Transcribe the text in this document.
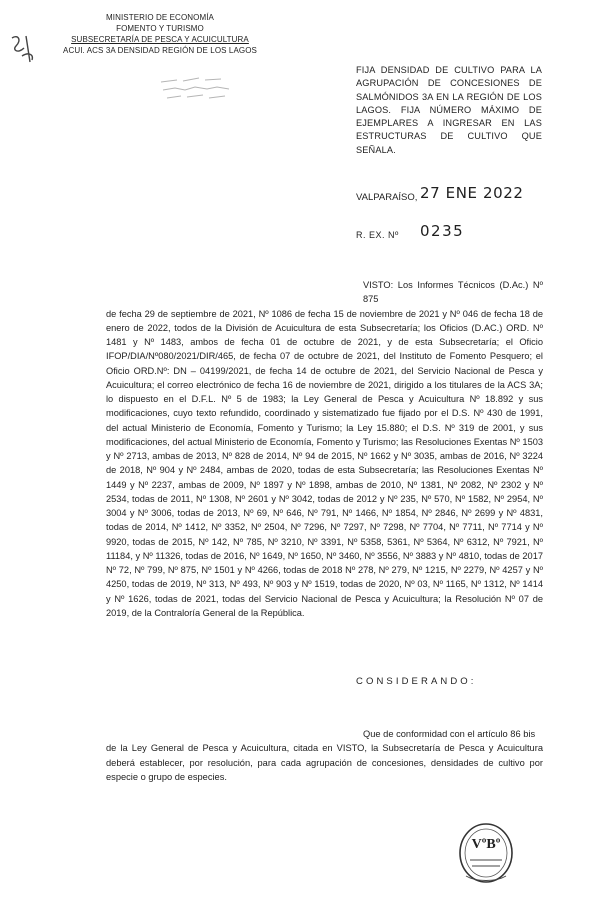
MINISTERIO DE ECONOMÍA
FOMENTO Y TURISMO
SUBSECRETARÍA DE PESCA Y ACUICULTURA
ACUI. ACS 3A DENSIDAD REGIÓN DE LOS LAGOS
FIJA DENSIDAD DE CULTIVO PARA LA AGRUPACIÓN DE CONCESIONES DE SALMÓNIDOS 3A EN LA REGIÓN DE LOS LAGOS. FIJA NÚMERO MÁXIMO DE EJEMPLARES A INGRESAR EN LAS ESTRUCTURAS DE CULTIVO QUE SEÑALA.
VALPARAÍSO, 27 ENE 2022
R. EX. Nº 0235
VISTO: Los Informes Técnicos (D.Ac.) Nº 875
de fecha 29 de septiembre de 2021, Nº 1086 de fecha 15 de noviembre de 2021 y Nº 046 de fecha 18 de enero de 2022, todos de la División de Acuicultura de esta Subsecretaría; los Oficios (D.AC.) ORD. Nº 1481 y Nº 1483, ambos de fecha 01 de octubre de 2021, y de esta Subsecretaría; el Oficio IFOP/DIA/Nº080/2021/DIR/465, de fecha 07 de octubre de 2021, del Instituto de Fomento Pesquero; el Oficio ORD.Nº: DN – 04199/2021, de fecha 14 de octubre de 2021, del Servicio Nacional de Pesca y Acuicultura; el correo electrónico de fecha 16 de noviembre de 2021, dirigido a los titulares de la ACS 3A; lo dispuesto en el D.F.L. Nº 5 de 1983; la Ley General de Pesca y Acuicultura Nº 18.892 y sus modificaciones, cuyo texto refundido, coordinado y sistematizado fue fijado por el D.S. Nº 430 de 1991, del actual Ministerio de Economía, Fomento y Turismo; la Ley 15.880; el D.S. Nº 319 de 2001, y sus modificaciones, del actual Ministerio de Economía, Fomento y Turismo; las Resoluciones Exentas Nº 1503 y Nº 2713, ambas de 2013, Nº 828 de 2014, Nº 94 de 2015, Nº 1662 y Nº 3035, ambas de 2016, Nº 3224 de 2018, Nº 904 y Nº 2484, ambas de 2020, todas de esta Subsecretaría; las Resoluciones Exentas Nº 1449 y Nº 2237, ambas de 2009, Nº 1897 y Nº 1898, ambas de 2010, Nº 1381, Nº 2082, Nº 2302 y Nº 2534, todas de 2011, Nº 1308, Nº 2601 y Nº 3042, todas de 2012 y Nº 235, Nº 570, Nº 1582, Nº 2954, Nº 3004 y Nº 3006, todas de 2013, Nº 69, Nº 646, Nº 791, Nº 1466, Nº 1854, Nº 2846, Nº 2699 y Nº 4831, todas de 2014, Nº 1412, Nº 3352, Nº 2504, Nº 7296, Nº 7297, Nº 7298, Nº 7704, Nº 7711, Nº 7714 y Nº 9920, todas de 2015, Nº 142, Nº 785, Nº 3210, Nº 3391, Nº 5358, 5361, Nº 5364, Nº 6312, Nº 7921, Nº 11184, y Nº 11326, todas de 2016, Nº 1649, Nº 1650, Nº 3460, Nº 3556, Nº 3883 y Nº 4810, todas de 2017 Nº 72, Nº 799, Nº 875, Nº 1501 y Nº 4266, todas de 2018 Nº 278, Nº 279, Nº 1215, Nº 2279, Nº 4257 y Nº 4250, todas de 2019, Nº 313, Nº 493, Nº 903 y Nº 1519, todas de 2020, Nº 03, Nº 1165, Nº 1312, Nº 1414 y Nº 1626, todas de 2021, todas del Servicio Nacional de Pesca y Acuicultura; la Resolución Nº 07 de 2019, de la Contraloría General de la República.
CONSIDERANDO:
Que de conformidad con el artículo 86 bis
de la Ley General de Pesca y Acuicultura, citada en VISTO, la Subsecretaría de Pesca y Acuicultura deberá establecer, por resolución, para cada agrupación de concesiones, densidades de cultivo por especie o grupo de especies.
VºBº
